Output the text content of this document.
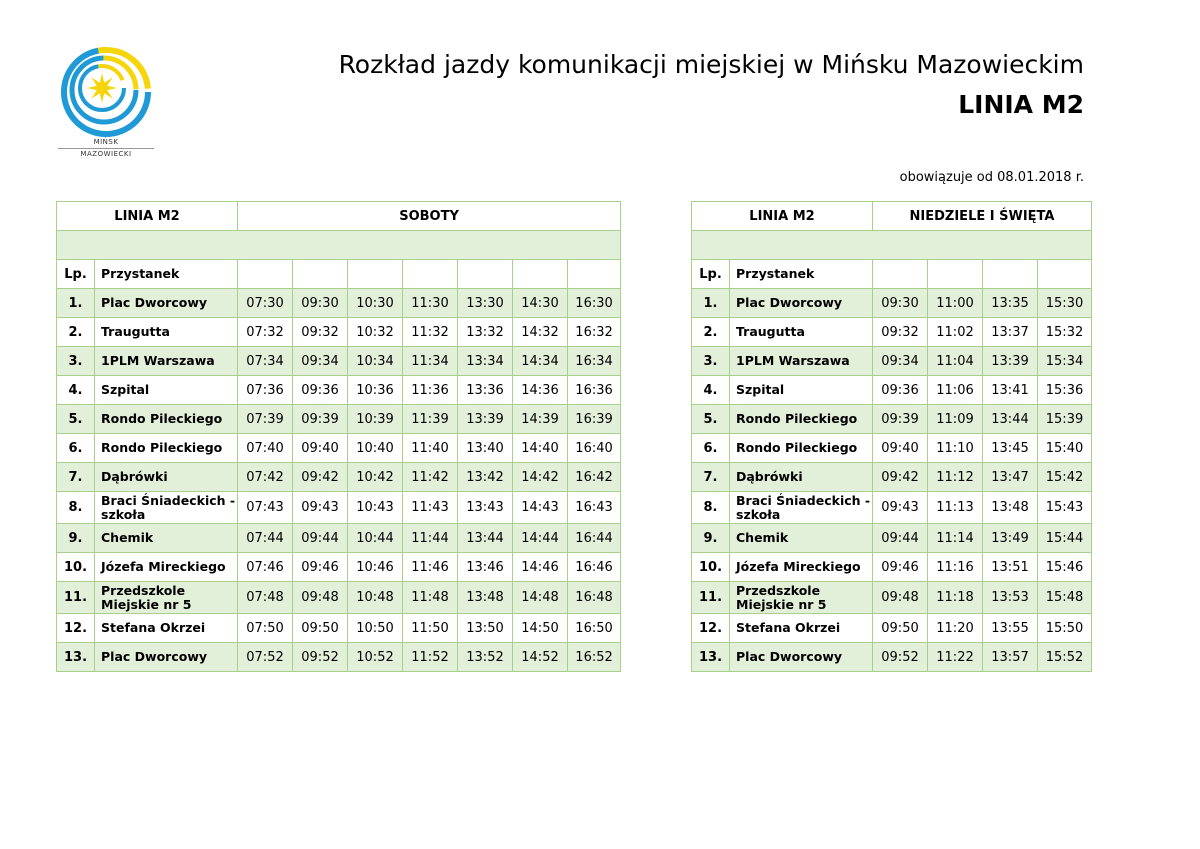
MIŃSK
MAZOWIECKI
Rozkład jazdy komunikacji miejskiej w Mińsku Mazowieckim
LINIA M2
obowiązuje od 08.01.2018 r.
LINIA M2		SOBOTY						

Lp.	Przystanek							
1.	Plac Dworcowy	07:30	09:30	10:30	11:30	13:30	14:30	16:30
2.	Traugutta	07:32	09:32	10:32	11:32	13:32	14:32	16:32
3.	1PLM Warszawa	07:34	09:34	10:34	11:34	13:34	14:34	16:34
4.	Szpital	07:36	09:36	10:36	11:36	13:36	14:36	16:36
5.	Rondo Pileckiego	07:39	09:39	10:39	11:39	13:39	14:39	16:39
6.	Rondo Pileckiego	07:40	09:40	10:40	11:40	13:40	14:40	16:40
7.	Dąbrówki	07:42	09:42	10:42	11:42	13:42	14:42	16:42
8.	Braci Śniadeckich - szkoła	07:43	09:43	10:43	11:43	13:43	14:43	16:43
9.	Chemik	07:44	09:44	10:44	11:44	13:44	14:44	16:44
10.	Józefa Mireckiego	07:46	09:46	10:46	11:46	13:46	14:46	16:46
11.	Przedszkole Miejskie nr 5	07:48	09:48	10:48	11:48	13:48	14:48	16:48
12.	Stefana Okrzei	07:50	09:50	10:50	11:50	13:50	14:50	16:50
13.	Plac Dworcowy	07:52	09:52	10:52	11:52	13:52	14:52	16:52
LINIA M2		NIEDZIELE I ŚWIĘTA			

Lp.	Przystanek				
1.	Plac Dworcowy	09:30	11:00	13:35	15:30
2.	Traugutta	09:32	11:02	13:37	15:32
3.	1PLM Warszawa	09:34	11:04	13:39	15:34
4.	Szpital	09:36	11:06	13:41	15:36
5.	Rondo Pileckiego	09:39	11:09	13:44	15:39
6.	Rondo Pileckiego	09:40	11:10	13:45	15:40
7.	Dąbrówki	09:42	11:12	13:47	15:42
8.	Braci Śniadeckich - szkoła	09:43	11:13	13:48	15:43
9.	Chemik	09:44	11:14	13:49	15:44
10.	Józefa Mireckiego	09:46	11:16	13:51	15:46
11.	Przedszkole Miejskie nr 5	09:48	11:18	13:53	15:48
12.	Stefana Okrzei	09:50	11:20	13:55	15:50
13.	Plac Dworcowy	09:52	11:22	13:57	15:52
